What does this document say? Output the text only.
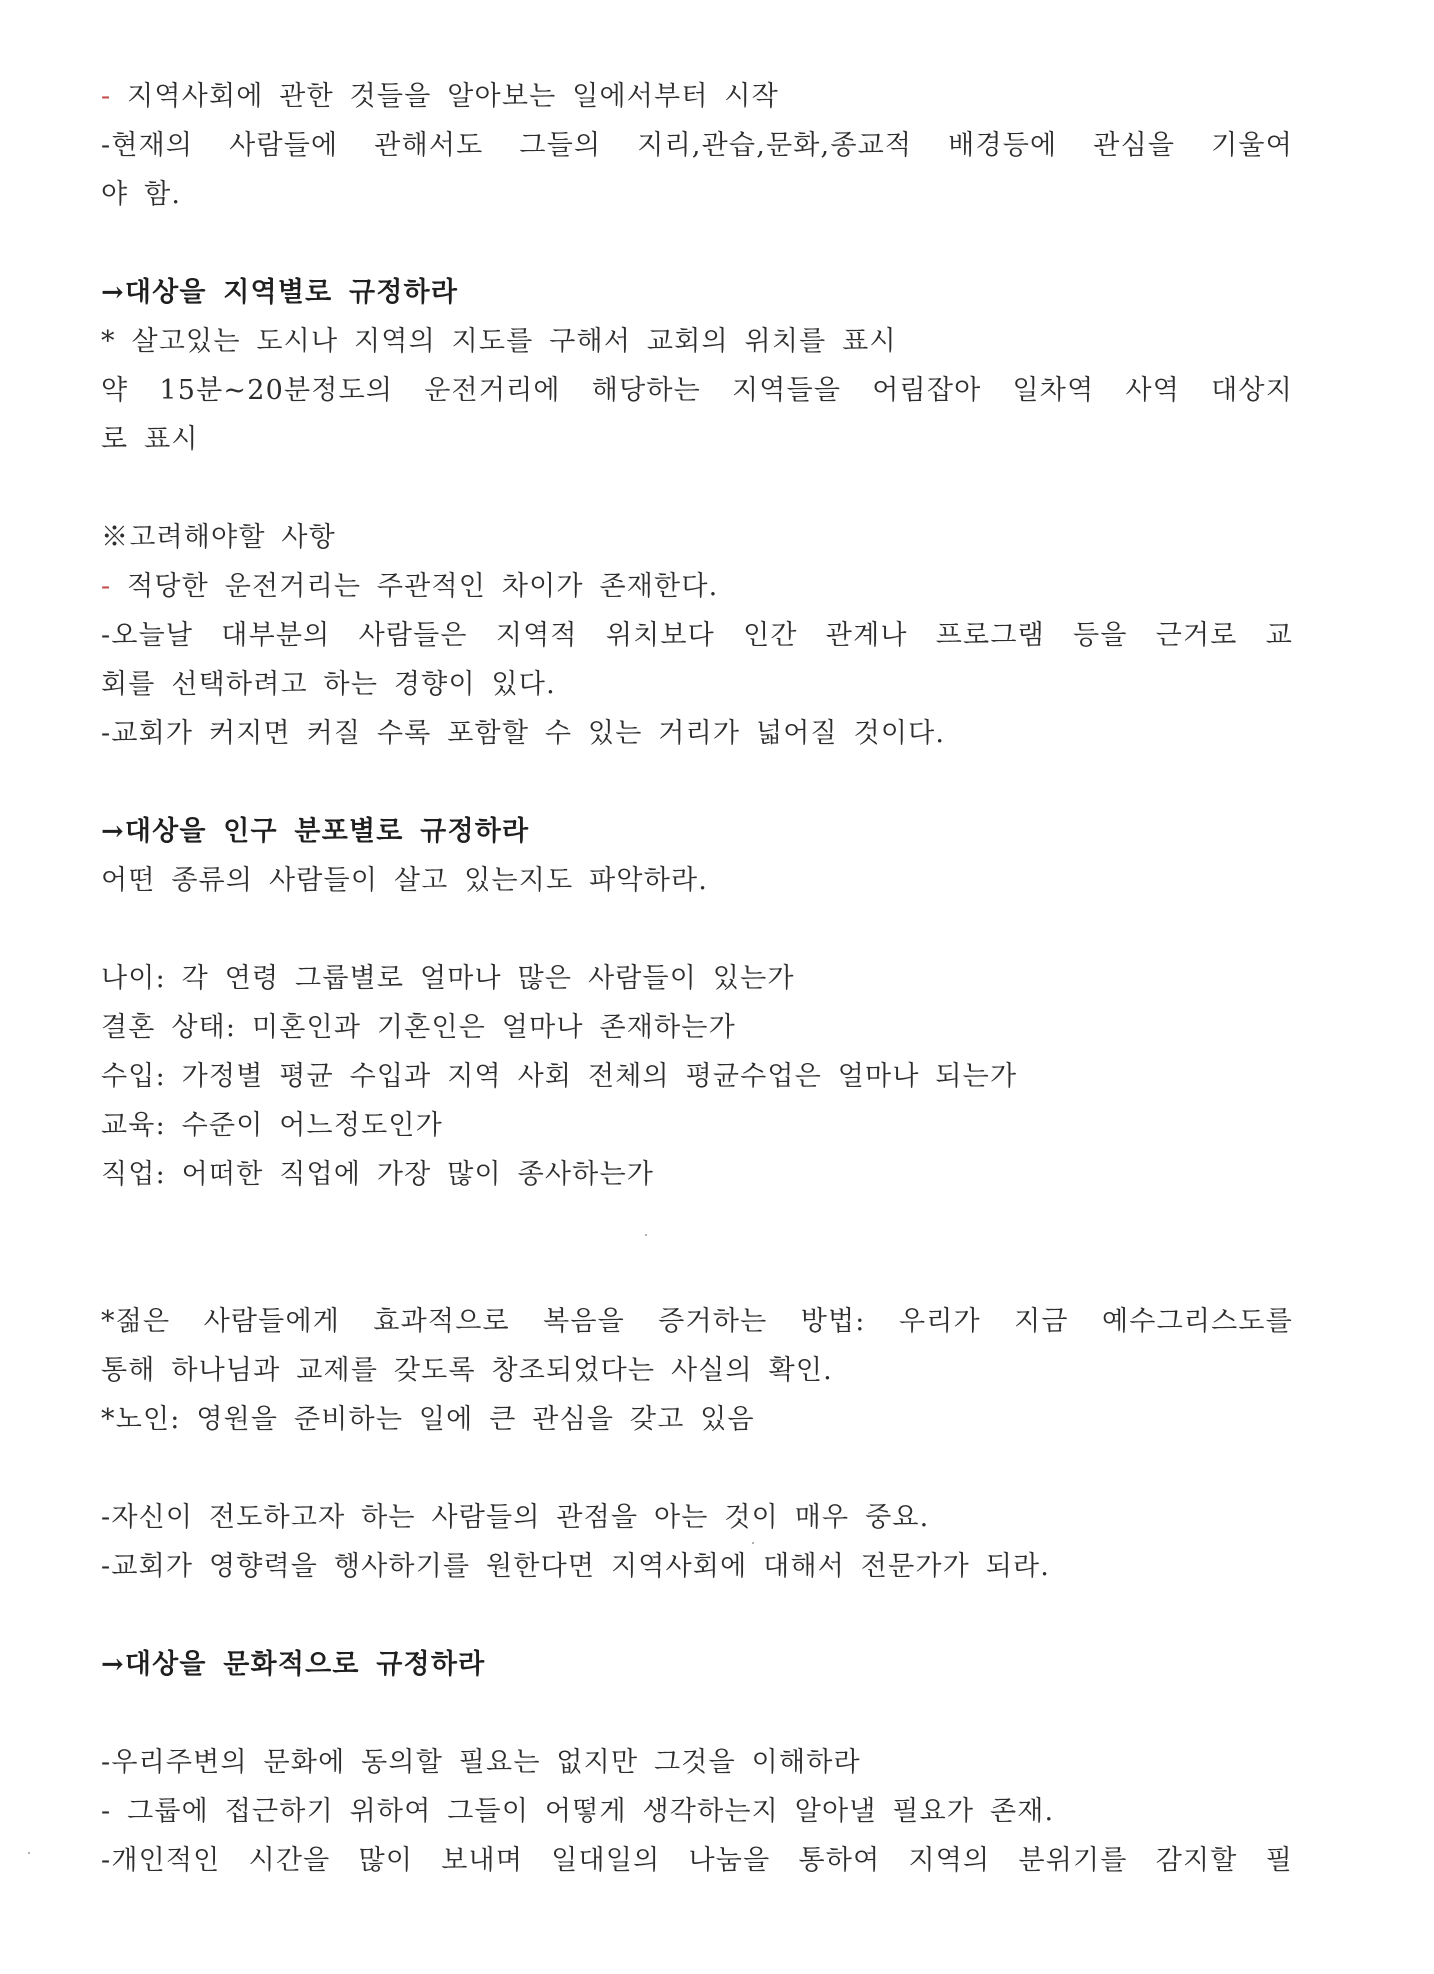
- 지역사회에 관한 것들을 알아보는 일에서부터 시작
-현재의 사람들에 관해서도 그들의 지리,관습,문화,종교적 배경등에 관심을 기울여
야 함.
→대상을 지역별로 규정하라
* 살고있는 도시나 지역의 지도를 구해서 교회의 위치를 표시
약 15분~20분정도의 운전거리에 해당하는 지역들을 어림잡아 일차역 사역 대상지
로 표시
※고려해야할 사항
- 적당한 운전거리는 주관적인 차이가 존재한다.
-오늘날 대부분의 사람들은 지역적 위치보다 인간 관계나 프로그램 등을 근거로 교
회를 선택하려고 하는 경향이 있다.
-교회가 커지면 커질 수록 포함할 수 있는 거리가 넓어질 것이다.
→대상을 인구 분포별로 규정하라
어떤 종류의 사람들이 살고 있는지도 파악하라.
나이: 각 연령 그룹별로 얼마나 많은 사람들이 있는가
결혼 상태: 미혼인과 기혼인은 얼마나 존재하는가
수입: 가정별 평균 수입과 지역 사회 전체의 평균수업은 얼마나 되는가
교육: 수준이 어느정도인가
직업: 어떠한 직업에 가장 많이 종사하는가
*젊은 사람들에게 효과적으로 복음을 증거하는 방법: 우리가 지금 예수그리스도를
통해 하나님과 교제를 갖도록 창조되었다는 사실의 확인.
*노인: 영원을 준비하는 일에 큰 관심을 갖고 있음
-자신이 전도하고자 하는 사람들의 관점을 아는 것이 매우 중요.
-교회가 영향력을 행사하기를 원한다면 지역사회에 대해서 전문가가 되라.
→대상을 문화적으로 규정하라
-우리주변의 문화에 동의할 필요는 없지만 그것을 이해하라
- 그룹에 접근하기 위하여 그들이 어떻게 생각하는지 알아낼 필요가 존재.
-개인적인 시간을 많이 보내며 일대일의 나눔을 통하여 지역의 분위기를 감지할 필
